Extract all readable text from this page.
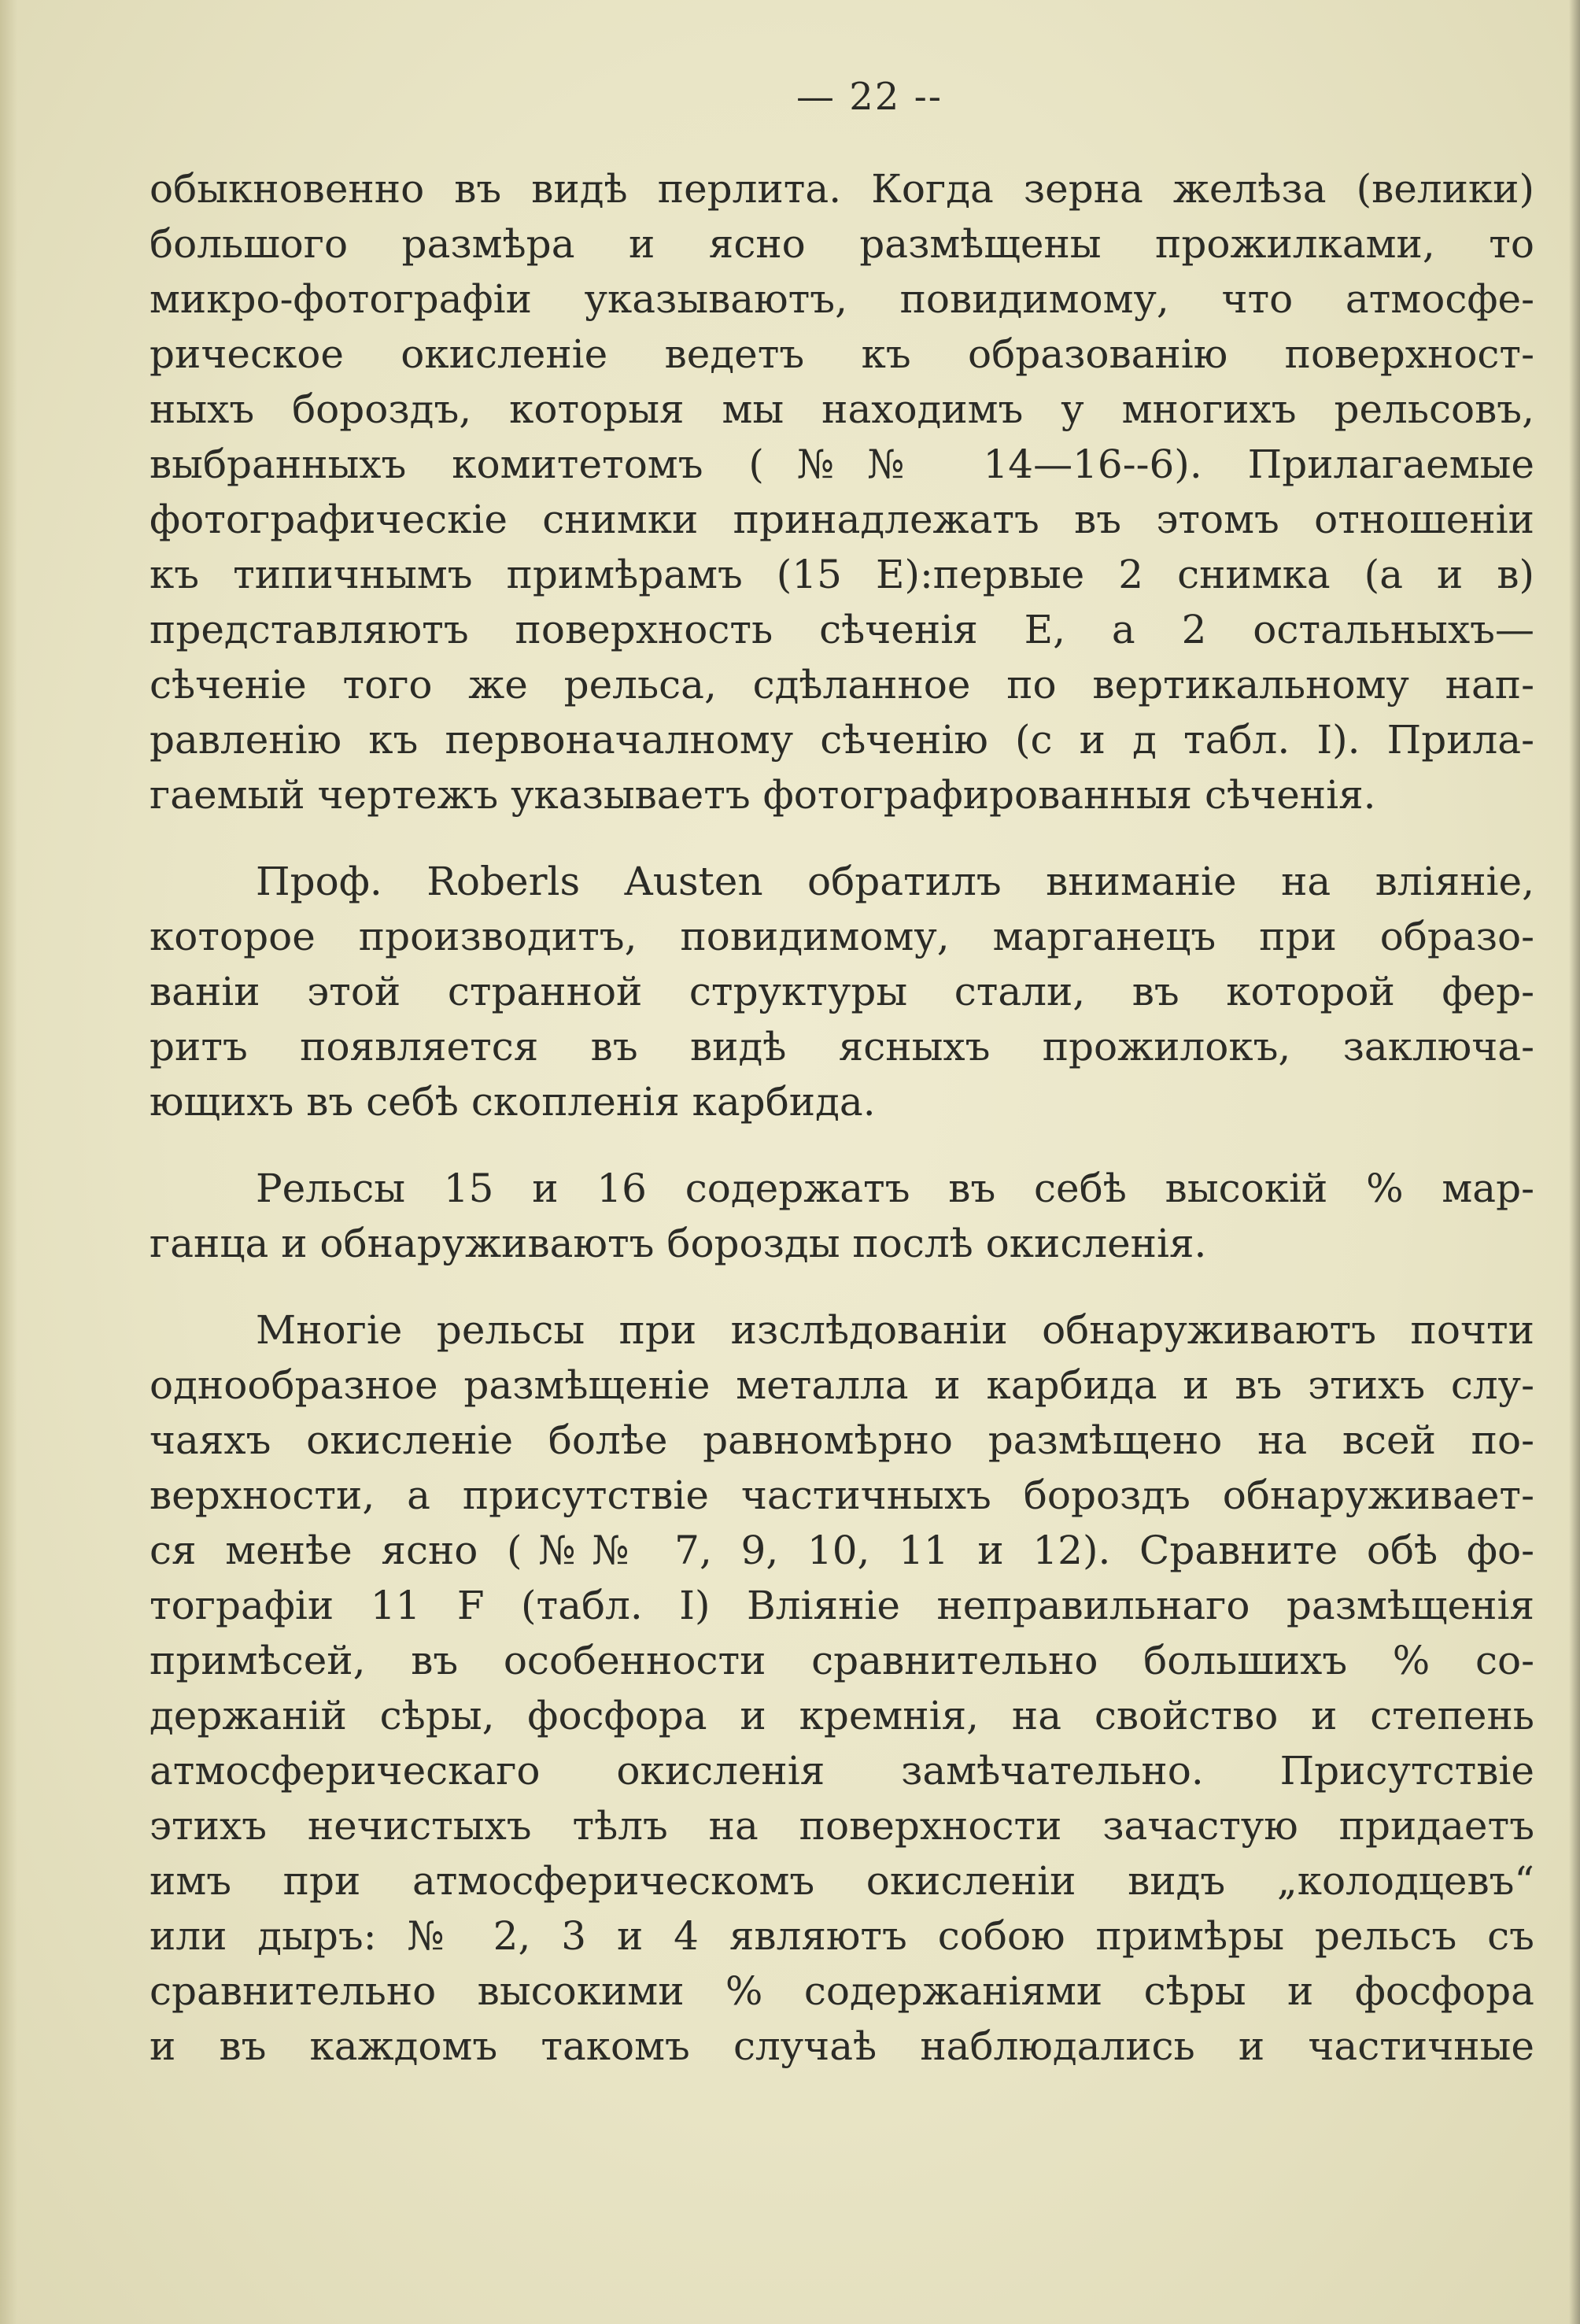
— 22 --
обыкновенно въ видѣ перлита. Когда зерна желѣза (велики)
большого размѣра и ясно размѣщены прожилками, то
микро-фотографіи указываютъ, повидимому, что атмосфе-
рическое окисленіе ведетъ къ образованію поверхност-
ныхъ бороздъ, которыя мы находимъ у многихъ рельсовъ,
выбранныхъ комитетомъ (№№ 14—16--6). Прилагаемые
фотографическіе снимки принадлежатъ въ этомъ отношеніи
къ типичнымъ примѣрамъ (15 Е):первые 2 снимка (а и в)
представляютъ поверхность сѣченія Е, а 2 остальныхъ—
сѣченіе того же рельса, сдѣланное по вертикальному нап-
равленію къ первоначалному сѣченію (с и д табл. I). Прила-
гаемый чертежъ указываетъ фотографированныя сѣченія.
Проф. Roberls Austen обратилъ вниманіе на вліяніе,
которое производитъ, повидимому, марганецъ при образо-
ваніи этой странной структуры стали, въ которой фер-
ритъ появляется въ видѣ ясныхъ прожилокъ, заключа-
ющихъ въ себѣ скопленія карбида.
Рельсы 15 и 16 содержатъ въ себѣ высокій % мар-
ганца и обнаруживаютъ борозды послѣ окисленія.
Многіе рельсы при изслѣдованіи обнаруживаютъ почти
однообразное размѣщеніе металла и карбида и въ этихъ слу-
чаяхъ окисленіе болѣе равномѣрно размѣщено на всей по-
верхности, а присутствіе частичныхъ бороздъ обнаруживает-
ся менѣе ясно (№№ 7, 9, 10, 11 и 12). Сравните обѣ фо-
тографіи 11 F (табл. I) Вліяніе неправильнаго размѣщенія
примѣсей, въ особенности сравнительно большихъ % со-
держаній сѣры, фосфора и кремнія, на свойство и степень
атмосферическаго окисленія замѣчательно. Присутствіе
этихъ нечистыхъ тѣлъ на поверхности зачастую придаетъ
имъ при атмосферическомъ окисленіи видъ „колодцевъ“
или дыръ: № 2, 3 и 4 являютъ собою примѣры рельсъ съ
сравнительно высокими % содержаніями сѣры и фосфора
и въ каждомъ такомъ случаѣ наблюдались и частичные
